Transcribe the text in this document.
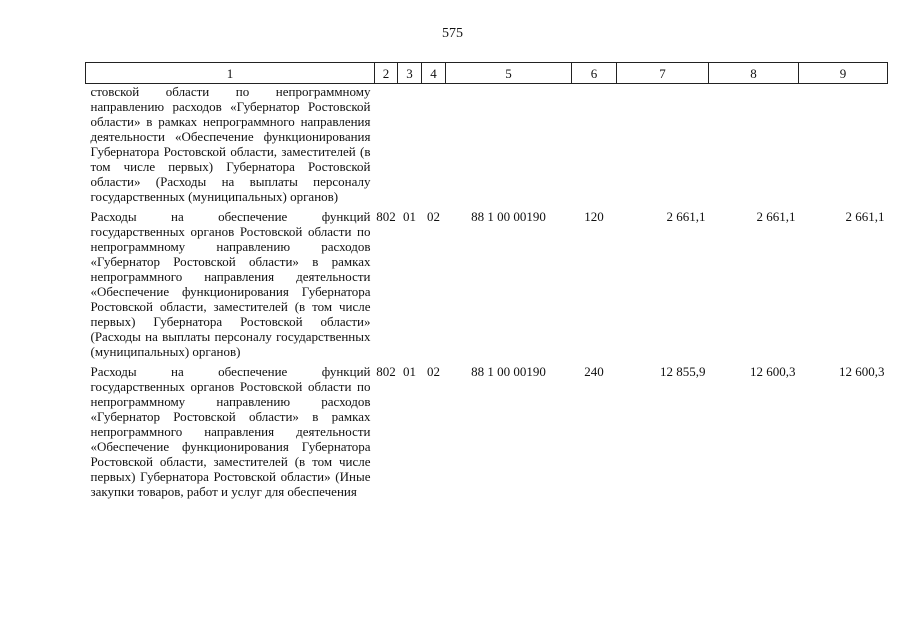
575
1	2	3	4	5	6	7	8	9
стовской области по непрограммному направлению расходов «Губернатор Ростовской области» в рамках непрограммного направления деятельности «Обеспечение функционирования Губернатора Ростовской области, заместителей (в том числе первых) Губернатора Ростовской области» (Расходы на выплаты персоналу государственных (муниципальных) органов)								

Расходы на обеспечение функций государственных органов Ростовской области по непрограммному направлению расходов «Губернатор Ростовской области» в рамках непрограммного направления деятельности «Обеспечение функционирования Губернатора Ростовской области, заместителей (в том числе первых) Губернатора Ростовской области» (Расходы на выплаты персоналу государственных (муниципальных) органов)	802	01	02	88 1 00 00190	120	2 661,1	2 661,1	2 661,1

Расходы на обеспечение функций государственных органов Ростовской области по непрограммному направлению расходов «Губернатор Ростовской области» в рамках непрограммного направления деятельности «Обеспечение функционирования Губернатора Ростовской области, заместителей (в том числе первых) Губернатора Ростовской области» (Иные закупки товаров, работ и услуг для обеспечения	802	01	02	88 1 00 00190	240	12 855,9	12 600,3	12 600,3
